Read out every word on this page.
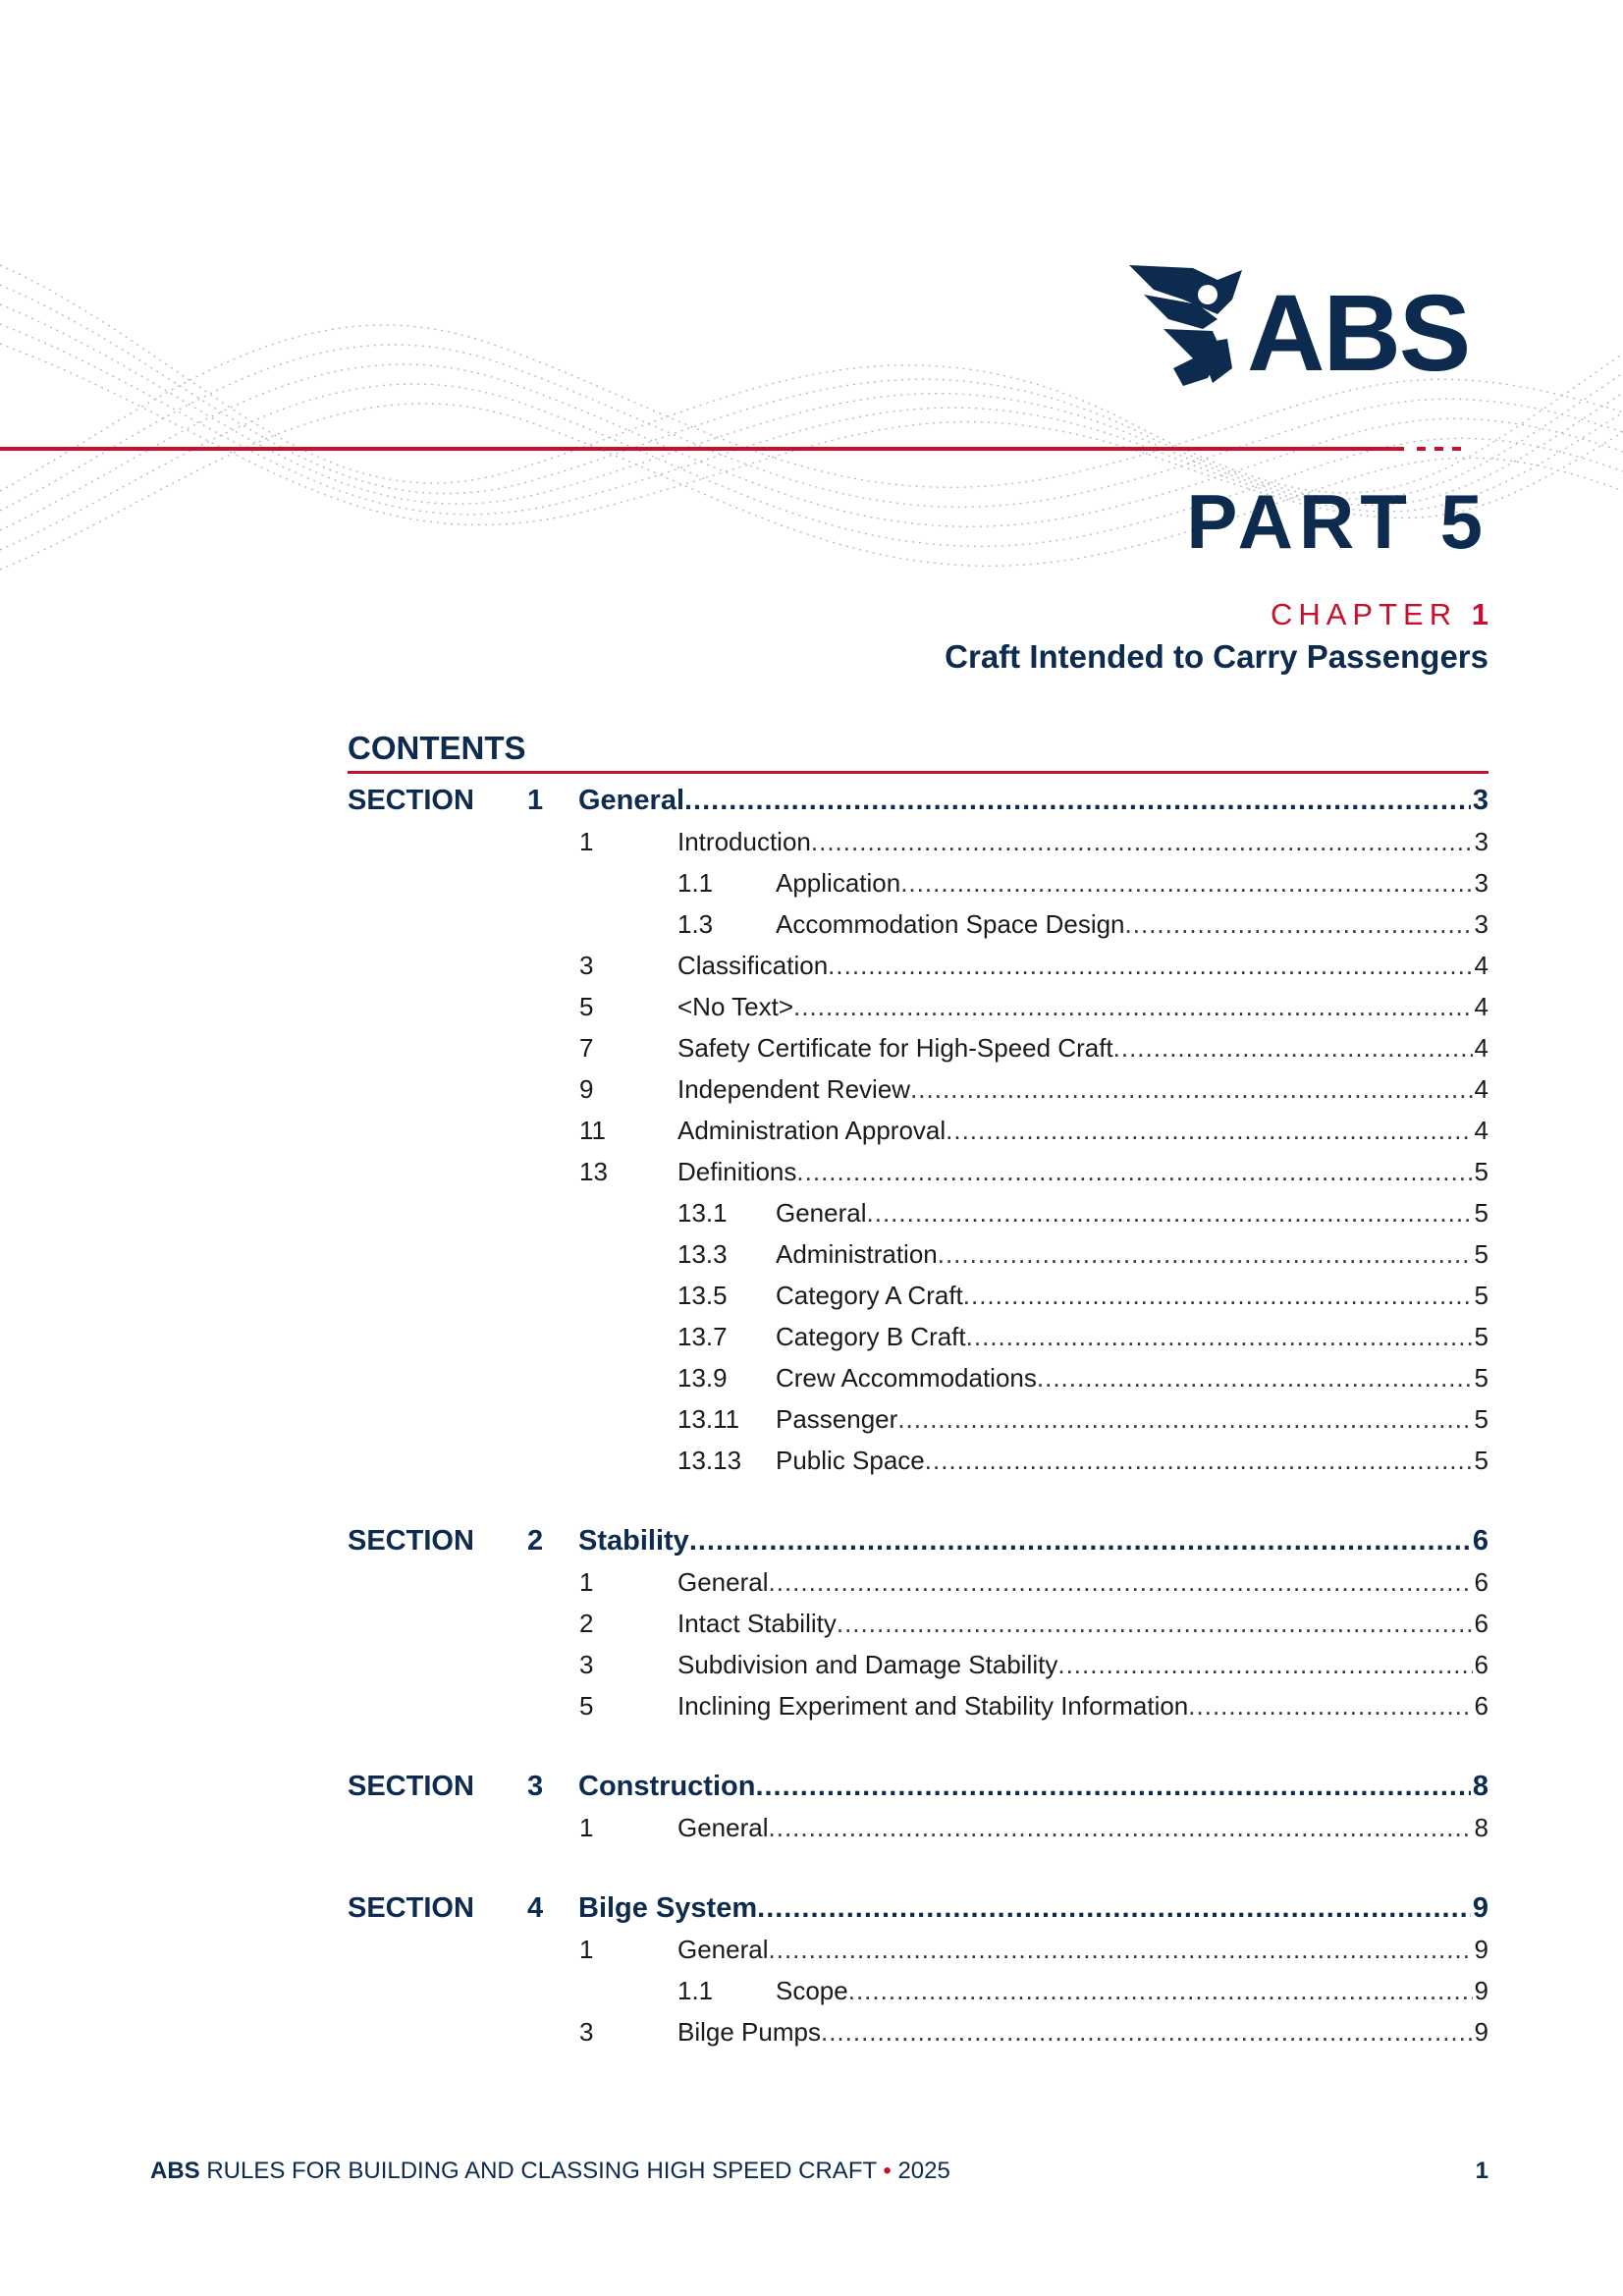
ABS
PART 5
CHAPTER 1
Craft Intended to Carry Passengers
CONTENTS
SECTION 1 General .....	3
1	Introduction .....	3
1.1 Application .....	3
1.3 Accommodation Space Design .....	3
3	Classification .....	4
5	<No Text> .....	4
7	Safety Certificate for High-Speed Craft .....	4
9	Independent Review .....	4
11	Administration Approval .....	4
13	Definitions .....	5
13.1 General .....	5
13.3 Administration .....	5
13.5 Category A Craft .....	5
13.7 Category B Craft .....	5
13.9 Crew Accommodations .....	5
13.11 Passenger .....	5
13.13 Public Space .....	5
SECTION 2 Stability .....	6
1	General .....	6
2	Intact Stability .....	6
3	Subdivision and Damage Stability .....	6
5	Inclining Experiment and Stability Information .....	6
SECTION 3 Construction .....	8
1	General .....	8
SECTION 4 Bilge System .....	9
1	General .....	9
1.1 Scope .....	9
3	Bilge Pumps .....	9
ABS RULES FOR BUILDING AND CLASSING HIGH SPEED CRAFT • 2025	1
